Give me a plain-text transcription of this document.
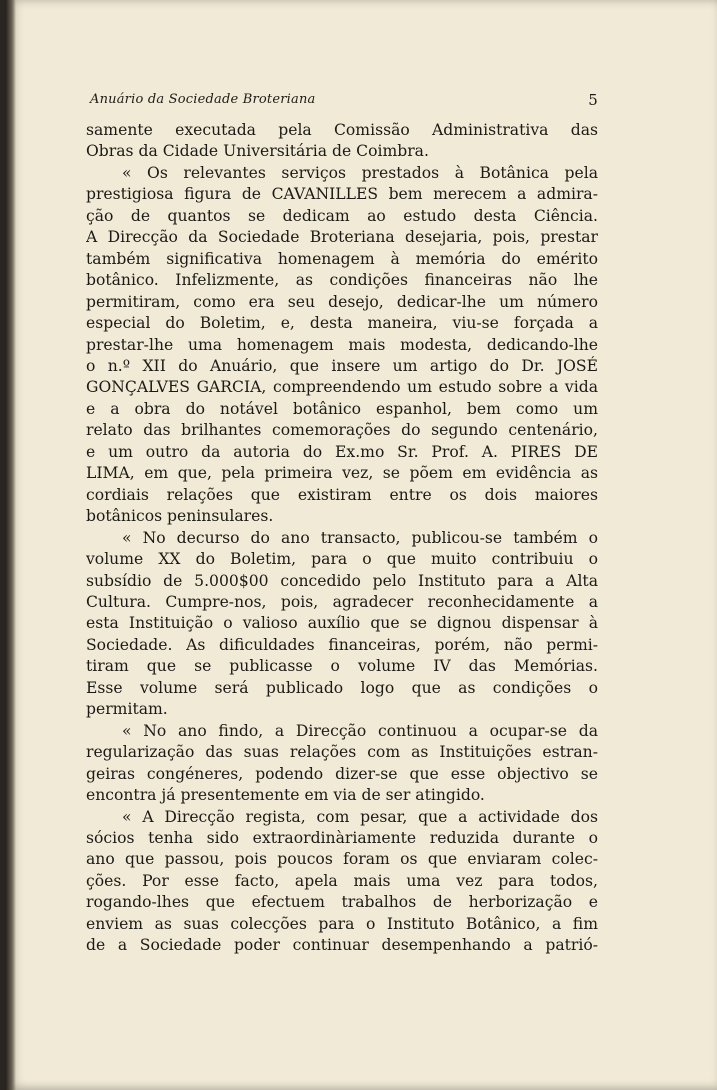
Anuário da Sociedade Broteriana	5
samente executada pela Comissão Administrativa das
Obras da Cidade Universitária de Coimbra.
« Os relevantes serviços prestados à Botânica pela
prestigiosa figura de CAVANILLES bem merecem a admira-
ção de quantos se dedicam ao estudo desta Ciência.
A Direcção da Sociedade Broteriana desejaria, pois, prestar
também significativa homenagem à memória do emérito
botânico. Infelizmente, as condições financeiras não lhe
permitiram, como era seu desejo, dedicar-lhe um número
especial do Boletim, e, desta maneira, viu-se forçada a
prestar-lhe uma homenagem mais modesta, dedicando-lhe
o n.º XII do Anuário, que insere um artigo do Dr. JOSÉ
GONÇALVES GARCIA, compreendendo um estudo sobre a vida
e a obra do notável botânico espanhol, bem como um
relato das brilhantes comemorações do segundo centenário,
e um outro da autoria do Ex.mo Sr. Prof. A. PIRES DE
LIMA, em que, pela primeira vez, se põem em evidência as
cordiais relações que existiram entre os dois maiores
botânicos peninsulares.
« No decurso do ano transacto, publicou-se também o
volume XX do Boletim, para o que muito contribuiu o
subsídio de 5.000$00 concedido pelo Instituto para a Alta
Cultura. Cumpre-nos, pois, agradecer reconhecidamente a
esta Instituição o valioso auxílio que se dignou dispensar à
Sociedade. As dificuldades financeiras, porém, não permi-
tiram que se publicasse o volume IV das Memórias.
Esse volume será publicado logo que as condições o
permitam.
« No ano findo, a Direcção continuou a ocupar-se da
regularização das suas relações com as Instituições estran-
geiras congéneres, podendo dizer-se que esse objectivo se
encontra já presentemente em via de ser atingido.
« A Direcção regista, com pesar, que a actividade dos
sócios tenha sido extraordinàriamente reduzida durante o
ano que passou, pois poucos foram os que enviaram colec-
ções. Por esse facto, apela mais uma vez para todos,
rogando-lhes que efectuem trabalhos de herborização e
enviem as suas colecções para o Instituto Botânico, a fim
de a Sociedade poder continuar desempenhando a patrió-
